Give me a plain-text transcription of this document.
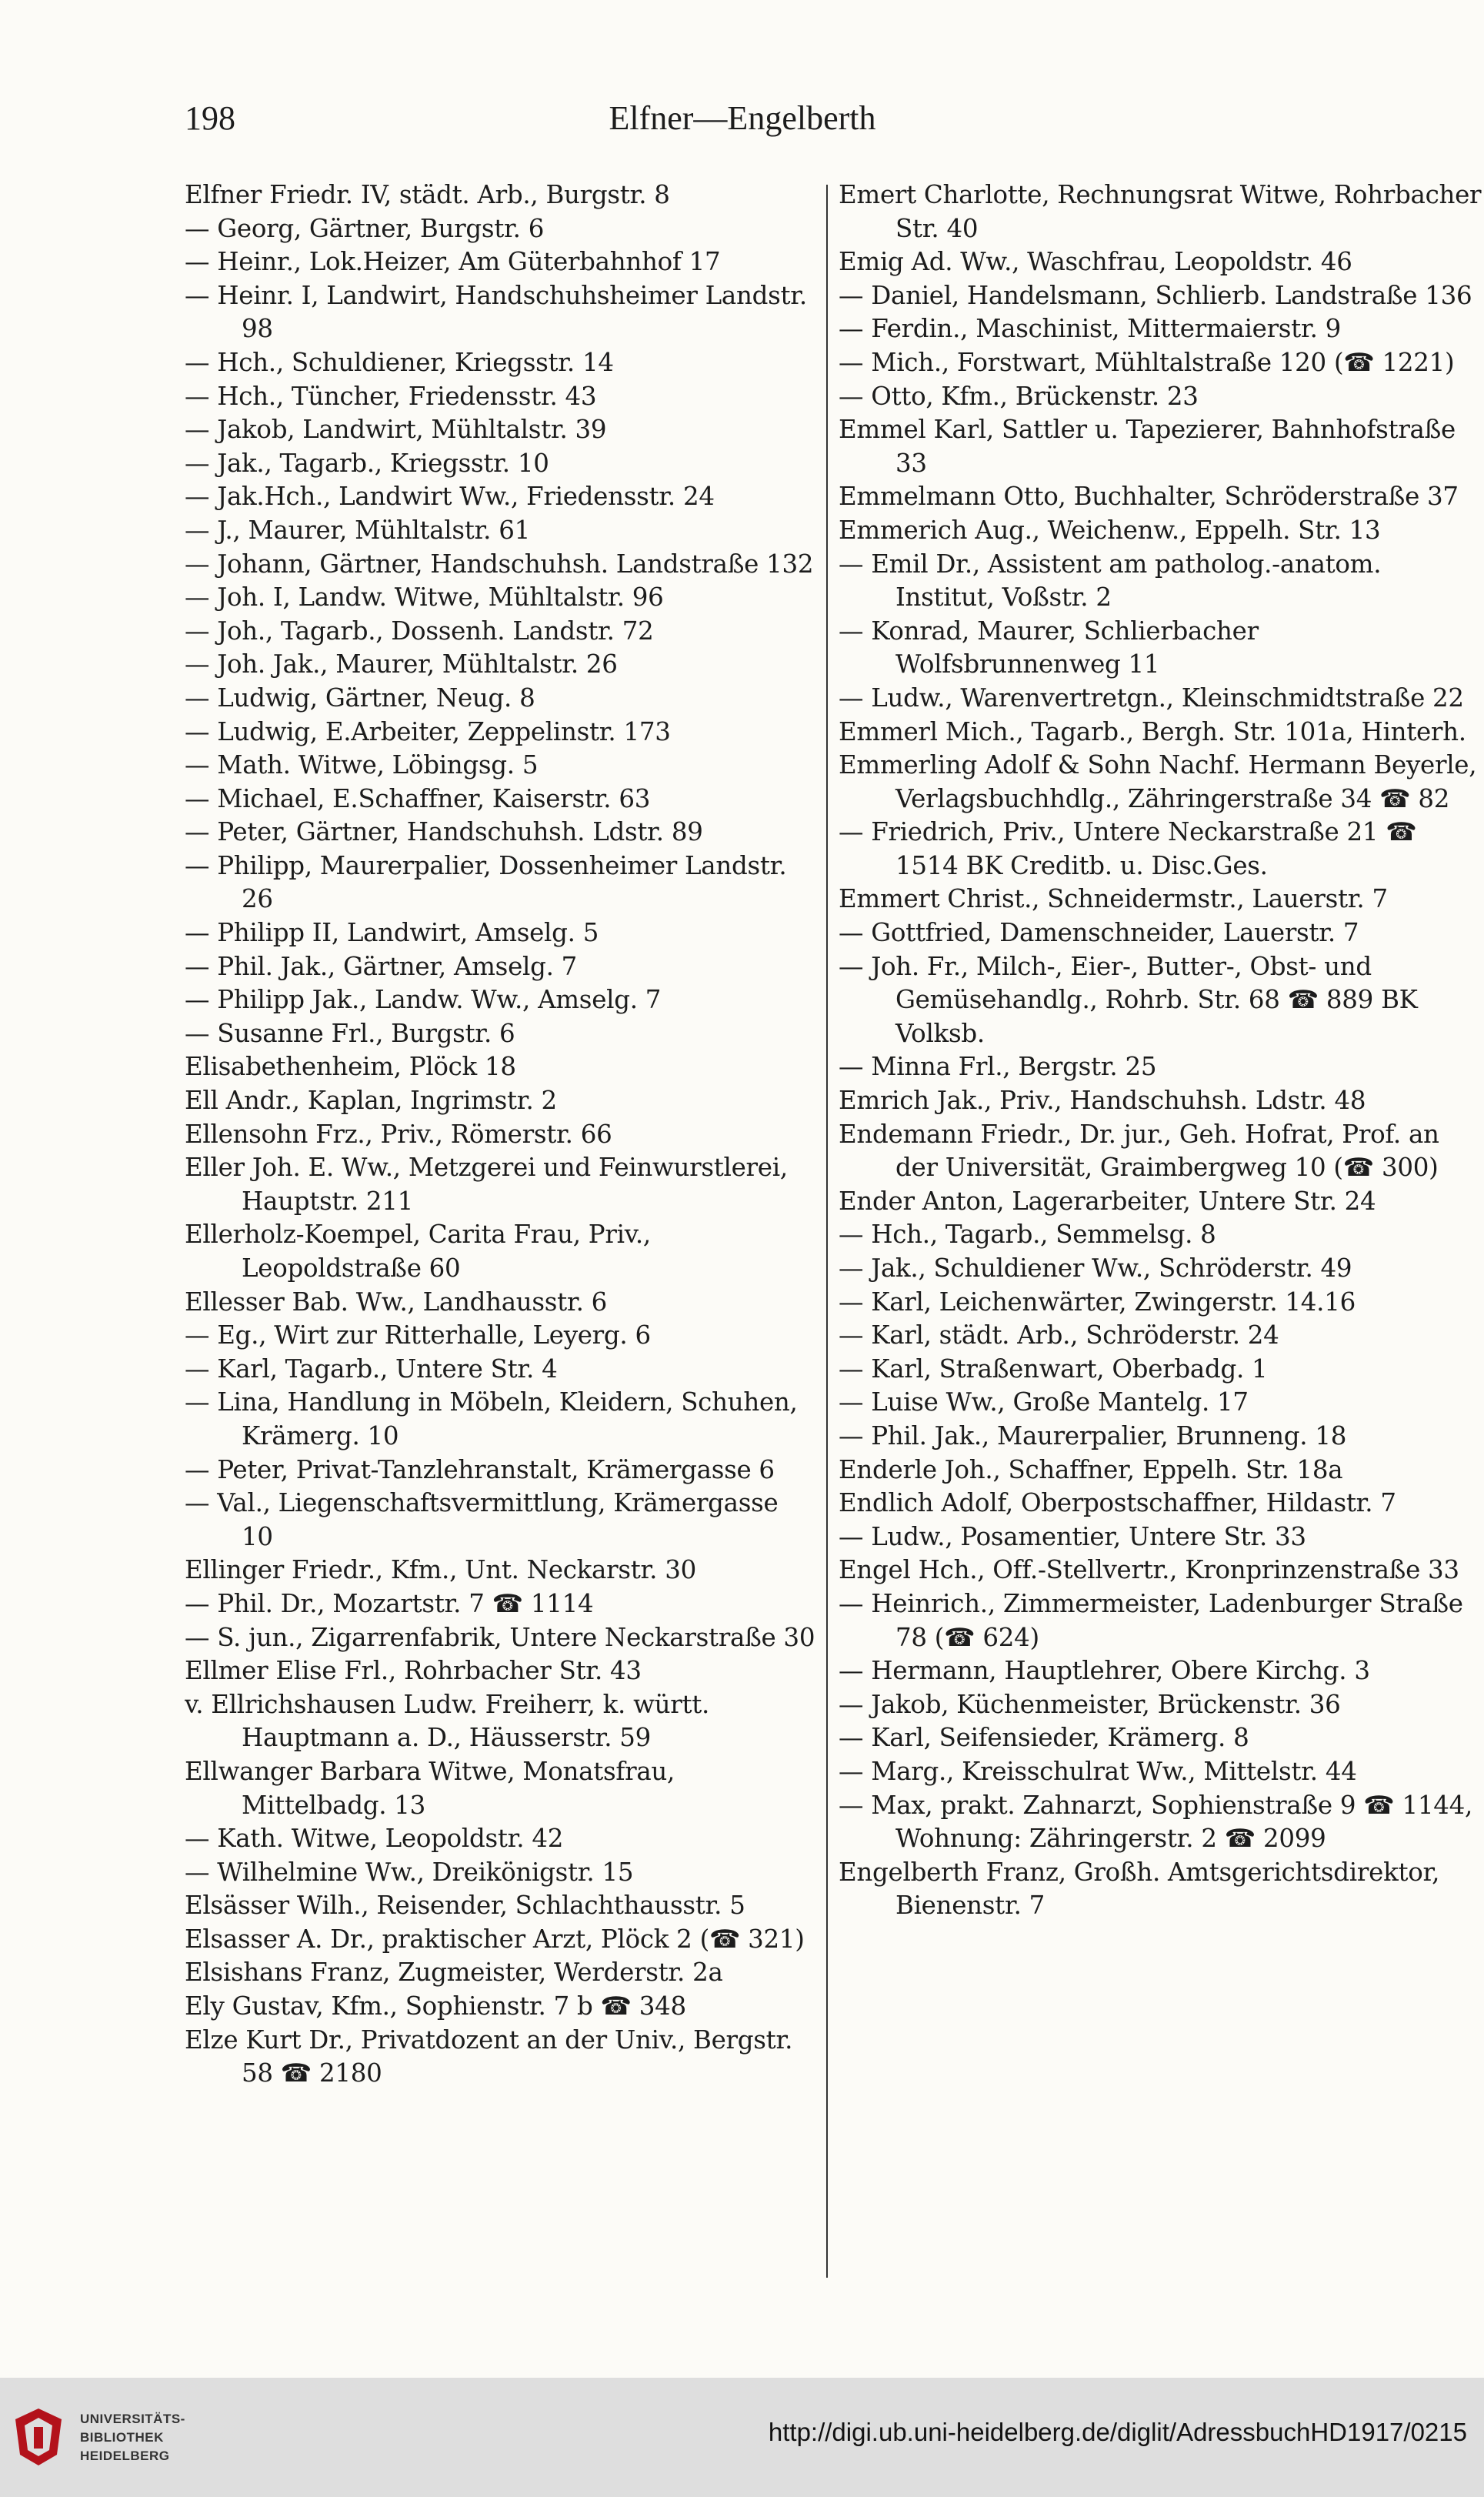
198	Elfner—Engelberth
Elfner Friedr. IV, städt. Arb., Burgstr. 8
— Georg, Gärtner, Burgstr. 6
— Heinr., Lok.Heizer, Am Güterbahnhof 17
— Heinr. I, Landwirt, Handschuhsheimer Landstr. 98
— Hch., Schuldiener, Kriegsstr. 14
— Hch., Tüncher, Friedensstr. 43
— Jakob, Landwirt, Mühltalstr. 39
— Jak., Tagarb., Kriegsstr. 10
— Jak.Hch., Landwirt Ww., Friedensstr. 24
— J., Maurer, Mühltalstr. 61
— Johann, Gärtner, Handschuhsh. Landstraße 132
— Joh. I, Landw. Witwe, Mühltalstr. 96
— Joh., Tagarb., Dossenh. Landstr. 72
— Joh. Jak., Maurer, Mühltalstr. 26
— Ludwig, Gärtner, Neug. 8
— Ludwig, E.Arbeiter, Zeppelinstr. 173
— Math. Witwe, Löbingsg. 5
— Michael, E.Schaffner, Kaiserstr. 63
— Peter, Gärtner, Handschuhsh. Ldstr. 89
— Philipp, Maurerpalier, Dossenheimer Landstr. 26
— Philipp II, Landwirt, Amselg. 5
— Phil. Jak., Gärtner, Amselg. 7
— Philipp Jak., Landw. Ww., Amselg. 7
— Susanne Frl., Burgstr. 6
Elisabethenheim, Plöck 18
Ell Andr., Kaplan, Ingrimstr. 2
Ellensohn Frz., Priv., Römerstr. 66
Eller Joh. E. Ww., Metzgerei und Feinwurstlerei, Hauptstr. 211
Ellerholz-Koempel, Carita Frau, Priv., Leopoldstraße 60
Ellesser Bab. Ww., Landhausstr. 6
— Eg., Wirt zur Ritterhalle, Leyerg. 6
— Karl, Tagarb., Untere Str. 4
— Lina, Handlung in Möbeln, Kleidern, Schuhen, Krämerg. 10
— Peter, Privat-Tanzlehranstalt, Krämergasse 6
— Val., Liegenschaftsvermittlung, Krämergasse 10
Ellinger Friedr., Kfm., Unt. Neckarstr. 30
— Phil. Dr., Mozartstr. 7 ☎ 1114
— S. jun., Zigarrenfabrik, Untere Neckarstraße 30
Ellmer Elise Frl., Rohrbacher Str. 43
v. Ellrichshausen Ludw. Freiherr, k. württ. Hauptmann a. D., Häusserstr. 59
Ellwanger Barbara Witwe, Monatsfrau, Mittelbadg. 13
— Kath. Witwe, Leopoldstr. 42
— Wilhelmine Ww., Dreikönigstr. 15
Elsässer Wilh., Reisender, Schlachthausstr. 5
Elsasser A. Dr., praktischer Arzt, Plöck 2 (☎ 321)
Elsishans Franz, Zugmeister, Werderstr. 2a
Ely Gustav, Kfm., Sophienstr. 7 b ☎ 348
Elze Kurt Dr., Privatdozent an der Univ., Bergstr. 58 ☎ 2180
Emert Charlotte, Rechnungsrat Witwe, Rohrbacher Str. 40
Emig Ad. Ww., Waschfrau, Leopoldstr. 46
— Daniel, Handelsmann, Schlierb. Landstraße 136
— Ferdin., Maschinist, Mittermaierstr. 9
— Mich., Forstwart, Mühltalstraße 120 (☎ 1221)
— Otto, Kfm., Brückenstr. 23
Emmel Karl, Sattler u. Tapezierer, Bahnhofstraße 33
Emmelmann Otto, Buchhalter, Schröderstraße 37
Emmerich Aug., Weichenw., Eppelh. Str. 13
— Emil Dr., Assistent am patholog.-anatom. Institut, Voßstr. 2
— Konrad, Maurer, Schlierbacher Wolfsbrunnenweg 11
— Ludw., Warenvertretgn., Kleinschmidtstraße 22
Emmerl Mich., Tagarb., Bergh. Str. 101a, Hinterh.
Emmerling Adolf & Sohn Nachf. Hermann Beyerle, Verlagsbuchhdlg., Zähringerstraße 34 ☎ 82
— Friedrich, Priv., Untere Neckarstraße 21 ☎ 1514 BK Creditb. u. Disc.Ges.
Emmert Christ., Schneidermstr., Lauerstr. 7
— Gottfried, Damenschneider, Lauerstr. 7
— Joh. Fr., Milch-, Eier-, Butter-, Obst- und Gemüsehandlg., Rohrb. Str. 68 ☎ 889 BK Volksb.
— Minna Frl., Bergstr. 25
Emrich Jak., Priv., Handschuhsh. Ldstr. 48
Endemann Friedr., Dr. jur., Geh. Hofrat, Prof. an der Universität, Graimbergweg 10 (☎ 300)
Ender Anton, Lagerarbeiter, Untere Str. 24
— Hch., Tagarb., Semmelsg. 8
— Jak., Schuldiener Ww., Schröderstr. 49
— Karl, Leichenwärter, Zwingerstr. 14.16
— Karl, städt. Arb., Schröderstr. 24
— Karl, Straßenwart, Oberbadg. 1
— Luise Ww., Große Mantelg. 17
— Phil. Jak., Maurerpalier, Brunneng. 18
Enderle Joh., Schaffner, Eppelh. Str. 18a
Endlich Adolf, Oberpostschaffner, Hildastr. 7
— Ludw., Posamentier, Untere Str. 33
Engel Hch., Off.-Stellvertr., Kronprinzenstraße 33
— Heinrich., Zimmermeister, Ladenburger Straße 78 (☎ 624)
— Hermann, Hauptlehrer, Obere Kirchg. 3
— Jakob, Küchenmeister, Brückenstr. 36
— Karl, Seifensieder, Krämerg. 8
— Marg., Kreisschulrat Ww., Mittelstr. 44
— Max, prakt. Zahnarzt, Sophienstraße 9 ☎ 1144, Wohnung: Zähringerstr. 2 ☎ 2099
Engelberth Franz, Großh. Amtsgerichtsdirektor, Bienenstr. 7
UNIVERSITÄTS-
BIBLIOTHEK
HEIDELBERG
http://digi.ub.uni-heidelberg.de/diglit/AdressbuchHD1917/0215
